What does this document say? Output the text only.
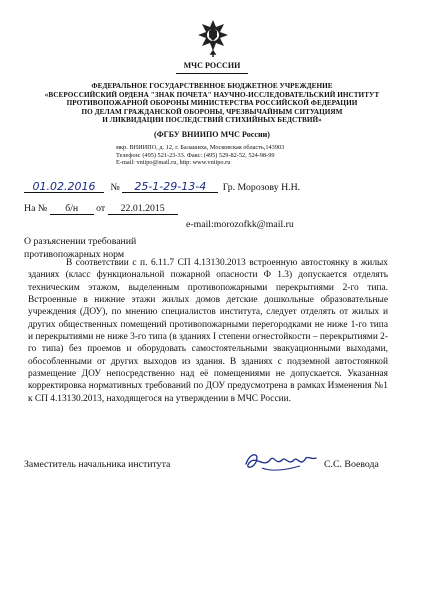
МЧС РОССИИ
ФЕДЕРАЛЬНОЕ ГОСУДАРСТВЕННОЕ БЮДЖЕТНОЕ УЧРЕЖДЕНИЕ
«ВСЕРОССИЙСКИЙ ОРДЕНА "ЗНАК ПОЧЕТА" НАУЧНО-ИССЛЕДОВАТЕЛЬСКИЙ ИНСТИТУТ
ПРОТИВОПОЖАРНОЙ ОБОРОНЫ МИНИСТЕРСТВА РОССИЙСКОЙ ФЕДЕРАЦИИ
ПО ДЕЛАМ ГРАЖДАНСКОЙ ОБОРОНЫ, ЧРЕЗВЫЧАЙНЫМ СИТУАЦИЯМ
И ЛИКВИДАЦИИ ПОСЛЕДСТВИЙ СТИХИЙНЫХ БЕДСТВИЙ»
(ФГБУ ВНИИПО МЧС России)
мкр. ВНИИПО, д. 12, г. Балашиха, Московская область,143903
Телефон: (495) 521-23-33. Факс: (495) 529-82-52, 524-98-99
E-mail: vniipo@mail.ru, http: www.vniipo.ru
01.02.2016 № 25-1-29-13-4 Гр. Морозову Н.Н.
На № б/н от 22.01.2015
e-mail:morozofkk@mail.ru
О разъяснении требований
противопожарных норм
В соответствии с п. 6.11.7 СП 4.13130.2013 встроенную автостоянку в жилых зданиях (класс функциональной пожарной опасности Ф 1.3) допускается отделять техническим этажом, выделенным противопожарными перекрытиями 2-го типа. Встроенные в нижние этажи жилых домов детские дошкольные образовательные учреждения (ДОУ), по мнению специалистов института, следует отделять от жилых и других общественных помещений противопожарными перегородками не ниже 1-го типа и перекрытиями не ниже 3-го типа (в зданиях I степени огнестойкости – перекрытиями 2-го типа) без проемов и оборудовать самостоятельными эвакуационными выходами, обособленными от других выходов из здания. В зданиях с подземной автостоянкой размещение ДОУ непосредственно над её помещениями не допускается. Указанная корректировка нормативных требований по ДОУ предусмотрена в рамках Изменения №1 к СП 4.13130.2013, находящегося на утверждении в МЧС России.
Заместитель начальника института	С.С. Воевода
